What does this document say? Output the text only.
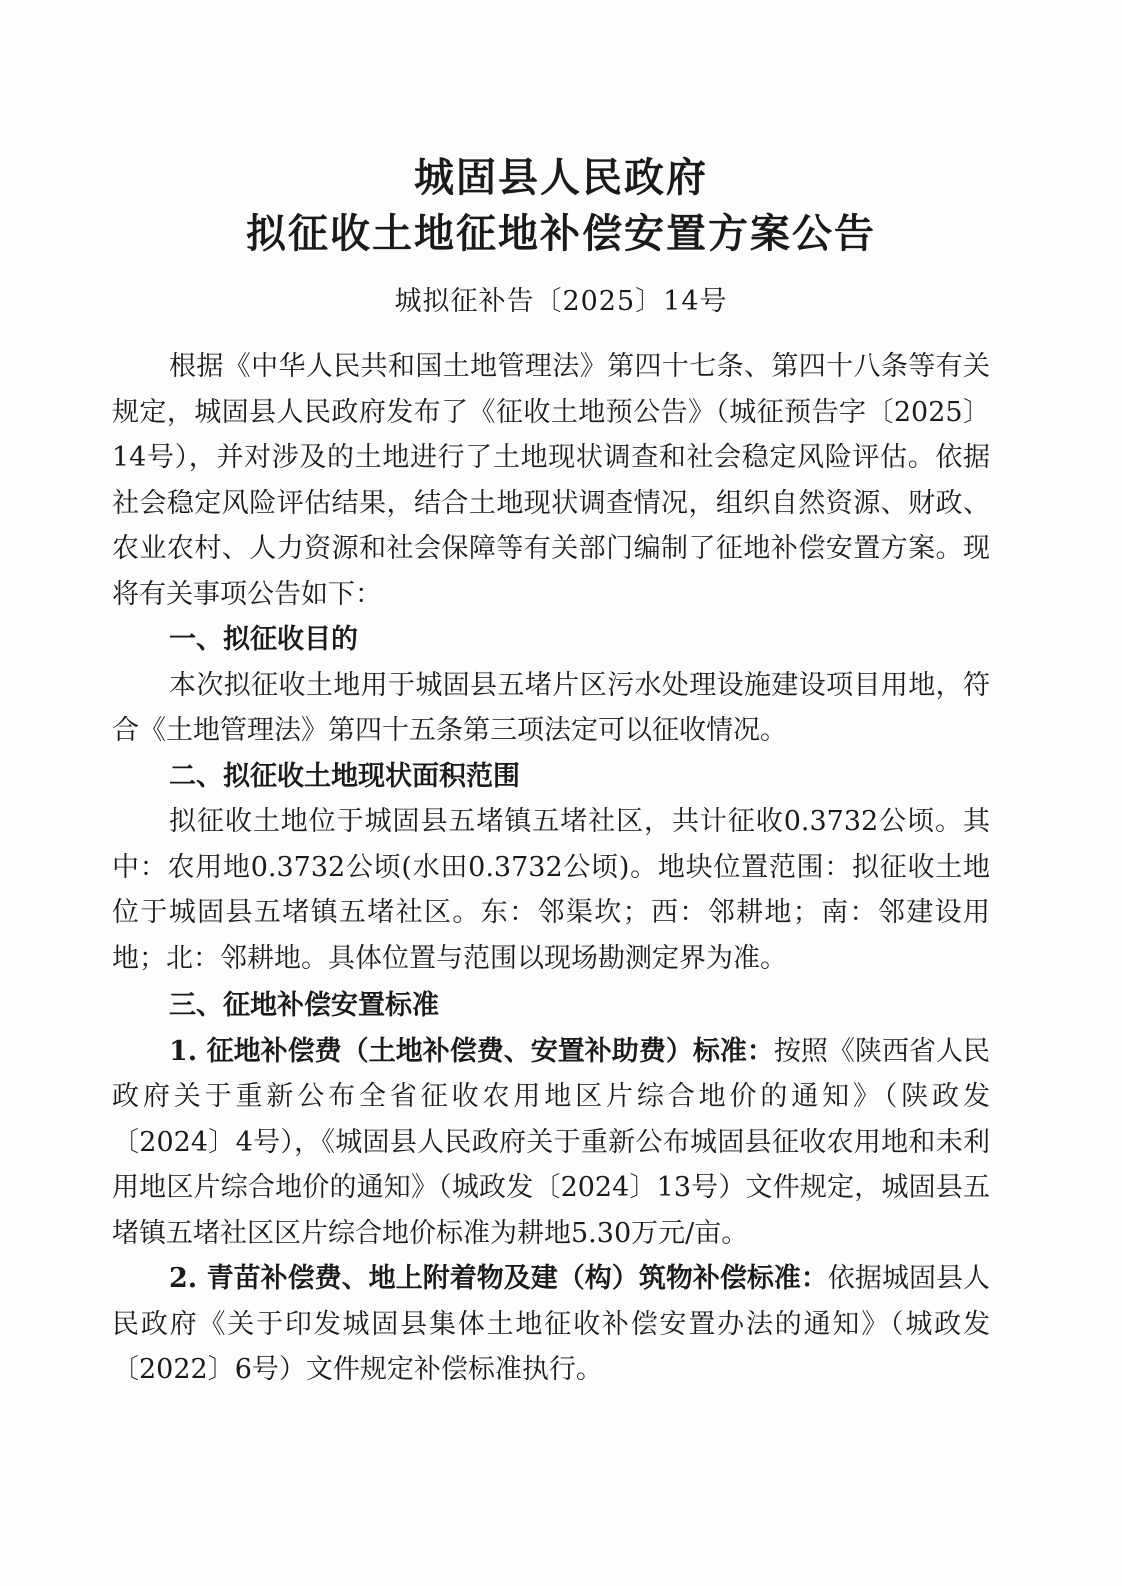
城固县人民政府
拟征收土地征地补偿安置方案公告
城拟征补告〔2025〕14号

根据《中华人民共和国土地管理法》第四十七条、第四十八条等有关规定，城固县人民政府发布了《征收土地预公告》（城征预告字〔2025〕14号），并对涉及的土地进行了土地现状调查和社会稳定风险评估。依据社会稳定风险评估结果，结合土地现状调查情况，组织自然资源、财政、农业农村、人力资源和社会保障等有关部门编制了征地补偿安置方案。现将有关事项公告如下：

一、拟征收目的

本次拟征收土地用于城固县五堵片区污水处理设施建设项目用地，符合《土地管理法》第四十五条第三项法定可以征收情况。

二、拟征收土地现状面积范围

拟征收土地位于城固县五堵镇五堵社区，共计征收0.3732公顷。其中：农用地0.3732公顷(水田0.3732公顷)。地块位置范围：拟征收土地位于城固县五堵镇五堵社区。东：邻渠坎；西：邻耕地；南：邻建设用地；北：邻耕地。具体位置与范围以现场勘测定界为准。

三、征地补偿安置标准

1. 征地补偿费（土地补偿费、安置补助费）标准：按照《陕西省人民政府关于重新公布全省征收农用地区片综合地价的通知》（陕政发〔2024〕4号），《城固县人民政府关于重新公布城固县征收农用地和未利用地区片综合地价的通知》（城政发〔2024〕13号）文件规定，城固县五堵镇五堵社区区片综合地价标准为耕地5.30万元/亩。

2. 青苗补偿费、地上附着物及建（构）筑物补偿标准：依据城固县人民政府《关于印发城固县集体土地征收补偿安置办法的通知》（城政发〔2022〕6号）文件规定补偿标准执行。
